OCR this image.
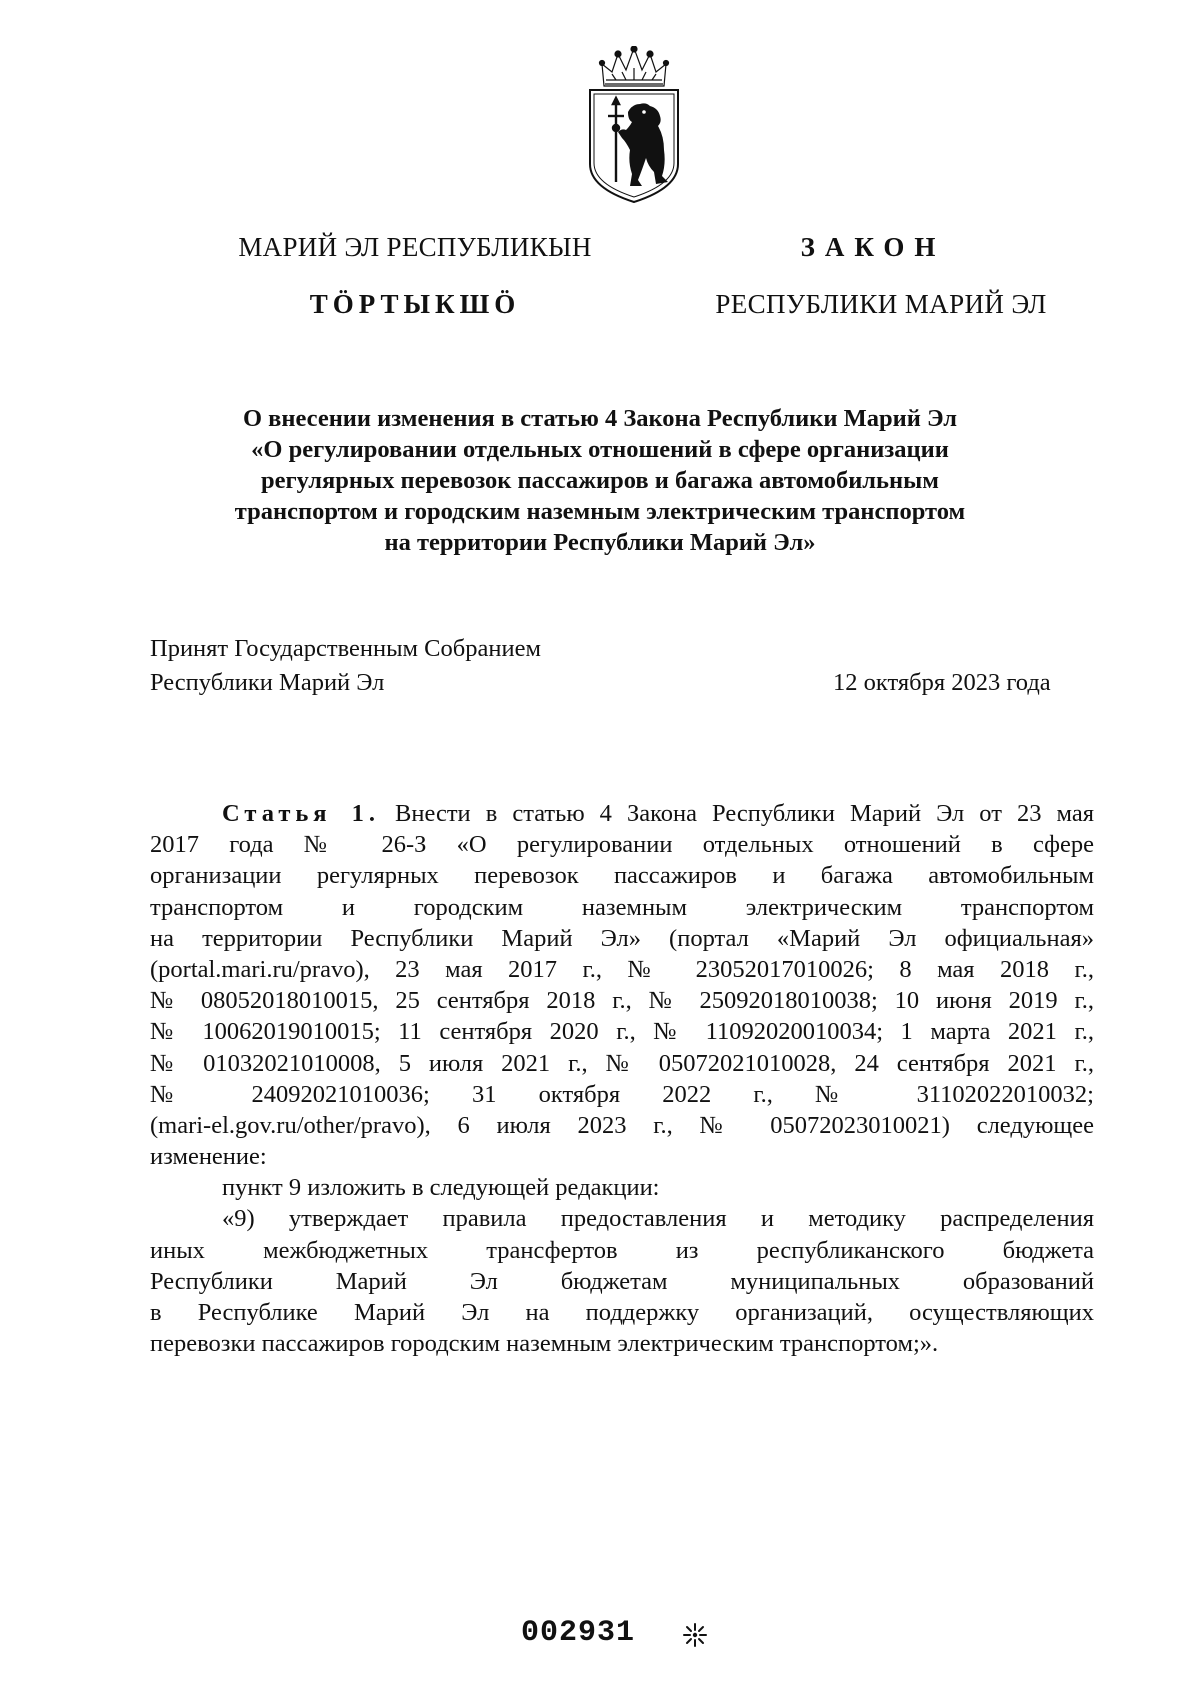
МАРИЙ ЭЛ РЕСПУБЛИКЫН
ТӦРТЫКШӦ
ЗАКОН
РЕСПУБЛИКИ МАРИЙ ЭЛ
О внесении изменения в статью 4 Закона Республики Марий Эл
«О регулировании отдельных отношений в сфере организации
регулярных перевозок пассажиров и багажа автомобильным
транспортом и городским наземным электрическим транспортом
на территории Республики Марий Эл»
Принят Государственным Собранием
Республики Марий Эл	12 октября 2023 года
Статья 1. Внести в статью 4 Закона Республики Марий Эл от 23 мая
2017 года № 26-З «О регулировании отдельных отношений в сфере
организации регулярных перевозок пассажиров и багажа автомобильным
транспортом и городским наземным электрическим транспортом
на территории Республики Марий Эл» (портал «Марий Эл официальная»
(portal.mari.ru/pravo), 23 мая 2017 г., № 23052017010026; 8 мая 2018 г.,
№ 08052018010015, 25 сентября 2018 г., № 25092018010038; 10 июня 2019 г.,
№ 10062019010015; 11 сентября 2020 г., № 11092020010034; 1 марта 2021 г.,
№ 01032021010008, 5 июля 2021 г., № 05072021010028, 24 сентября 2021 г.,
№ 24092021010036; 31 октября 2022 г., № 31102022010032;
(mari-el.gov.ru/other/pravo), 6 июля 2023 г., № 05072023010021) следующее
изменение:
пункт 9 изложить в следующей редакции:
«9) утверждает правила предоставления и методику распределения
иных межбюджетных трансфертов из республиканского бюджета
Республики Марий Эл бюджетам муниципальных образований
в Республике Марий Эл на поддержку организаций, осуществляющих
перевозки пассажиров городским наземным электрическим транспортом;».
002931
